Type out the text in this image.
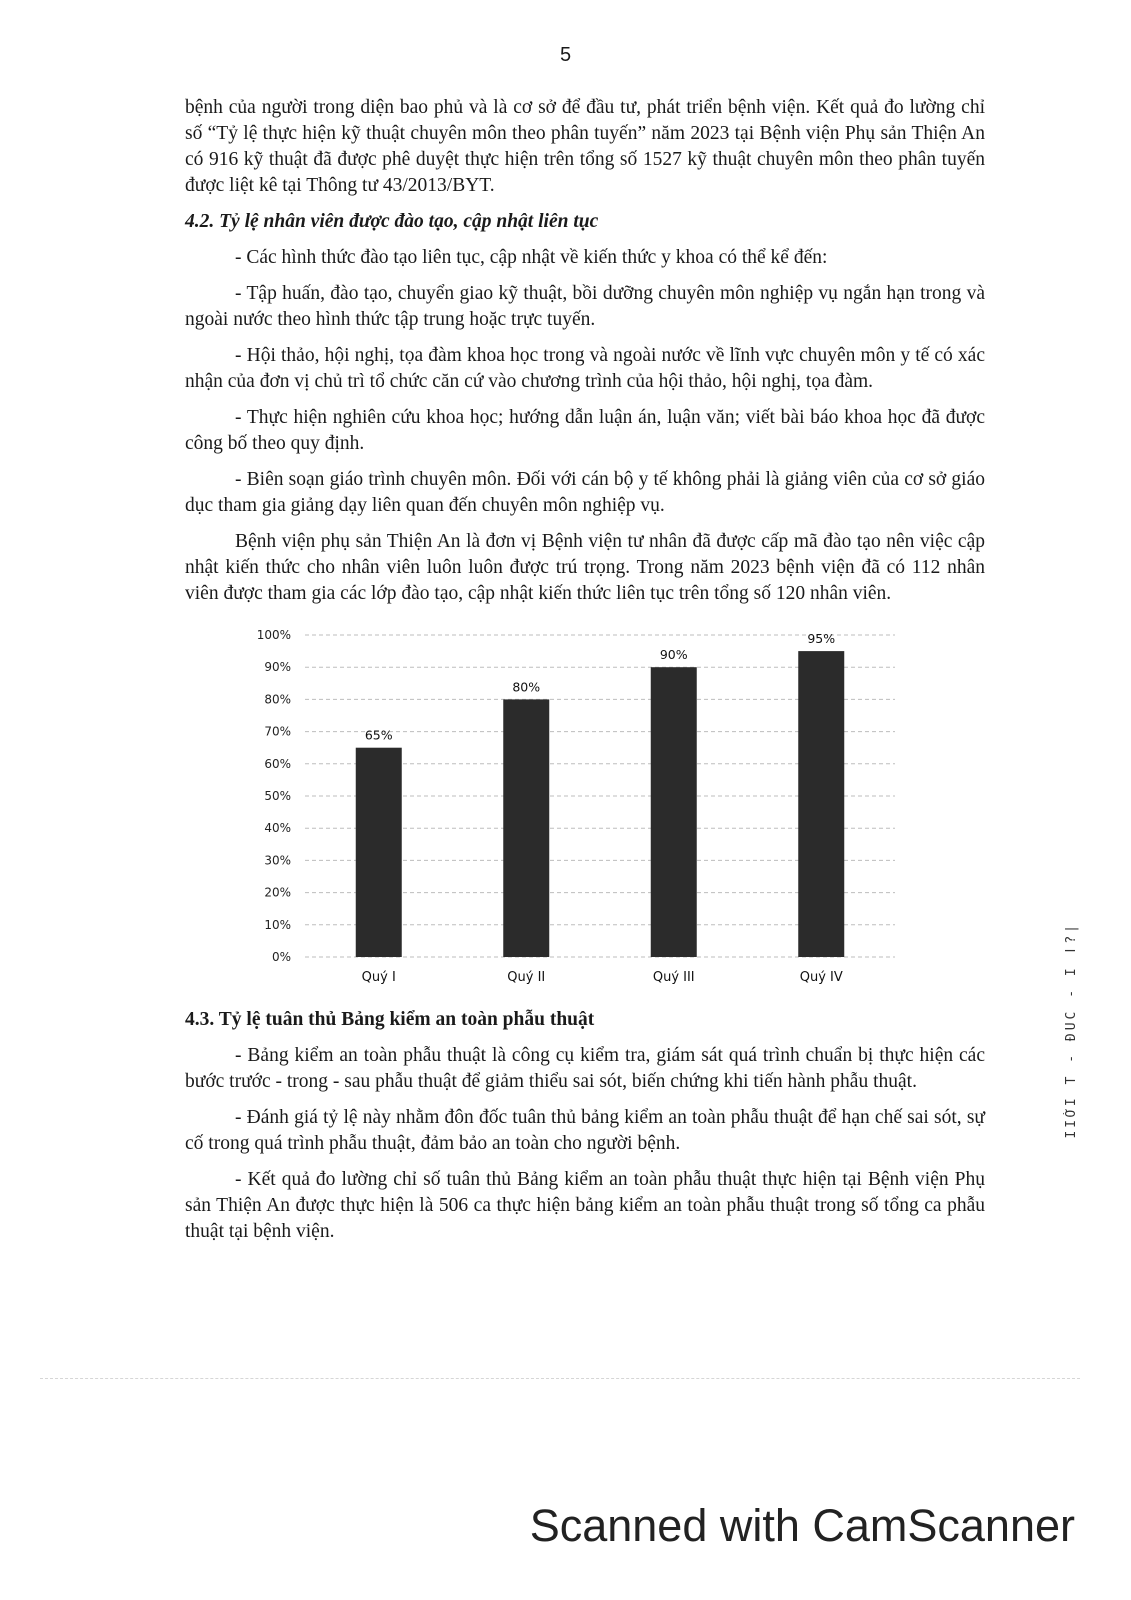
5

bệnh của người trong diện bao phủ và là cơ sở để đầu tư, phát triển bệnh viện. Kết quả đo lường chỉ số “Tỷ lệ thực hiện kỹ thuật chuyên môn theo phân tuyến” năm 2023 tại Bệnh viện Phụ sản Thiện An có 916 kỹ thuật đã được phê duyệt thực hiện trên tổng số 1527 kỹ thuật chuyên môn theo phân tuyến được liệt kê tại Thông tư 43/2013/BYT.

4.2. Tỷ lệ nhân viên được đào tạo, cập nhật liên tục

- Các hình thức đào tạo liên tục, cập nhật về kiến thức y khoa có thể kể đến:

- Tập huấn, đào tạo, chuyển giao kỹ thuật, bồi dưỡng chuyên môn nghiệp vụ ngắn hạn trong và ngoài nước theo hình thức tập trung hoặc trực tuyến.

- Hội thảo, hội nghị, tọa đàm khoa học trong và ngoài nước về lĩnh vực chuyên môn y tế có xác nhận của đơn vị chủ trì tổ chức căn cứ vào chương trình của hội thảo, hội nghị, tọa đàm.

- Thực hiện nghiên cứu khoa học; hướng dẫn luận án, luận văn; viết bài báo khoa học đã được công bố theo quy định.

- Biên soạn giáo trình chuyên môn. Đối với cán bộ y tế không phải là giảng viên của cơ sở giáo dục tham gia giảng dạy liên quan đến chuyên môn nghiệp vụ.

Bệnh viện phụ sản Thiện An là đơn vị Bệnh viện tư nhân đã được cấp mã đào tạo nên việc cập nhật kiến thức cho nhân viên luôn luôn được trú trọng. Trong năm 2023 bệnh viện đã có 112 nhân viên được tham gia các lớp đào tạo, cập nhật kiến thức liên tục trên tổng số 120 nhân viên.

0%
10%
20%
30%
40%
50%
60%
70%
80%
90%
100%
65%
Quý I
80%
Quý II
90%
Quý III
95%
Quý IV

4.3. Tỷ lệ tuân thủ Bảng kiểm an toàn phẫu thuật

- Bảng kiểm an toàn phẫu thuật là công cụ kiểm tra, giám sát quá trình chuẩn bị thực hiện các bước trước - trong - sau phẫu thuật để giảm thiểu sai sót, biến chứng khi tiến hành phẫu thuật.

- Đánh giá tỷ lệ này nhằm đôn đốc tuân thủ bảng kiểm an toàn phẫu thuật để hạn chế sai sót, sự cố trong quá trình phẫu thuật, đảm bảo an toàn cho người bệnh.

- Kết quả đo lường chỉ số tuân thủ Bảng kiểm an toàn phẫu thuật thực hiện tại Bệnh viện Phụ sản Thiện An được thực hiện là 506 ca thực hiện bảng kiểm an toàn phẫu thuật trong số tổng ca phẫu thuật tại bệnh viện.

IIỚI T - ĐUC - I ǀ?|
Scanned with CamScanner
